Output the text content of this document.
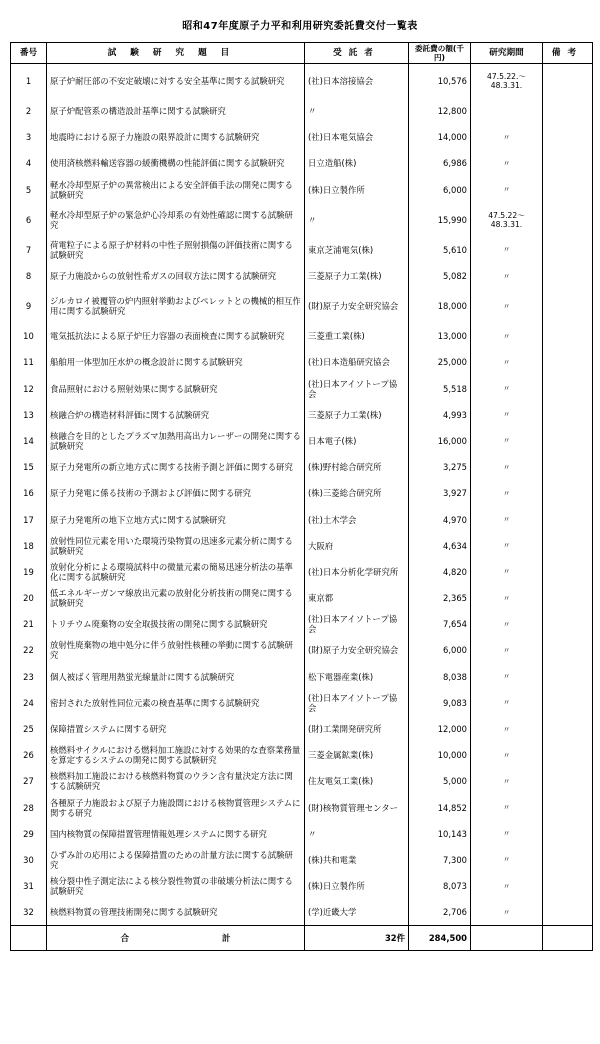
昭和47年度原子力平和利用研究委託費交付一覧表
番号	試験研究題目	受託者	委託費の額(千円)	研究期間	備考
1	原子炉耐圧部の不安定破壊に対する安全基準に関する試験研究	(社)日本溶接協会	10,576	47.5.22.～48.3.31.	
2	原子炉配管系の構造設計基準に関する試験研究	〃	12,800		
3	地震時における原子力施設の限界設計に関する試験研究	(社)日本電気協会	14,000	〃	
4	使用済核燃料輸送容器の緩衝機構の性能評価に関する試験研究	日立造船(株)	6,986	〃	
5	軽水冷却型原子炉の異常検出による安全評価手法の開発に関する試験研究	(株)日立製作所	6,000	〃	
6	軽水冷却型原子炉の緊急炉心冷却系の有効性確認に関する試験研究	〃	15,990	47.5.22～48.3.31.	
7	荷電粒子による原子炉材料の中性子照射損傷の評価技術に関する試験研究	東京芝浦電気(株)	5,610	〃	
8	原子力施設からの放射性希ガスの回収方法に関する試験研究	三菱原子力工業(株)	5,082	〃	
9	ジルカロイ被覆管の炉内照射挙動およびペレットとの機械的相互作用に関する試験研究	(財)原子力安全研究協会	18,000	〃	
10	電気抵抗法による原子炉圧力容器の表面検査に関する試験研究	三菱重工業(株)	13,000	〃	
11	船舶用一体型加圧水炉の概念設計に関する試験研究	(社)日本造船研究協会	25,000	〃	
12	食品照射における照射効果に関する試験研究	(社)日本アイソトープ協会	5,518	〃	
13	核融合炉の構造材料評価に関する試験研究	三菱原子力工業(株)	4,993	〃	
14	核融合を目的としたプラズマ加熱用高出力レーザーの開発に関する試験研究	日本電子(株)	16,000	〃	
15	原子力発電所の新立地方式に関する技術予測と評価に関する研究	(株)野村総合研究所	3,275	〃	
16	原子力発電に係る技術の予測および評価に関する研究	(株)三菱総合研究所	3,927	〃	
17	原子力発電所の地下立地方式に関する試験研究	(社)土木学会	4,970	〃	
18	放射性同位元素を用いた環境汚染物質の迅速多元素分析に関する試験研究	大阪府	4,634	〃	
19	放射化分析による環境試料中の微量元素の簡易迅速分析法の基準化に関する試験研究	(社)日本分析化学研究所	4,820	〃	
20	低エネルギーガンマ線放出元素の放射化分析技術の開発に関する試験研究	東京都	2,365	〃	
21	トリチウム廃棄物の安全取扱技術の開発に関する試験研究	(社)日本アイソトープ協会	7,654	〃	
22	放射性廃棄物の地中処分に伴う放射性核種の挙動に関する試験研究	(財)原子力安全研究協会	6,000	〃	
23	個人被ばく管理用熱蛍光線量計に関する試験研究	松下電器産業(株)	8,038	〃	
24	密封された放射性同位元素の検査基準に関する試験研究	(社)日本アイソトープ協会	9,083	〃	
25	保障措置システムに関する研究	(財)工業開発研究所	12,000	〃	
26	核燃料サイクルにおける燃料加工施設に対する効果的な査察業務量を算定するシステムの開発に関する試験研究	三菱金属鉱業(株)	10,000	〃	
27	核燃料加工施設における核燃料物質のウラン含有量決定方法に関する試験研究	住友電気工業(株)	5,000	〃	
28	各種原子力施設および原子力施設間における核物質管理システムに関する研究	(財)核物質管理センター	14,852	〃	
29	国内核物質の保障措置管理情報処理システムに関する研究	〃	10,143	〃	
30	ひずみ計の応用による保障措置のための計量方法に関する試験研究	(株)共和電業	7,300	〃	
31	核分裂中性子測定法による核分裂性物質の非破壊分析法に関する試験研究	(株)日立製作所	8,073	〃	
32	核燃料物質の管理技術開発に関する試験研究	(学)近畿大学	2,706	〃	
	合 計	32件	284,500		
